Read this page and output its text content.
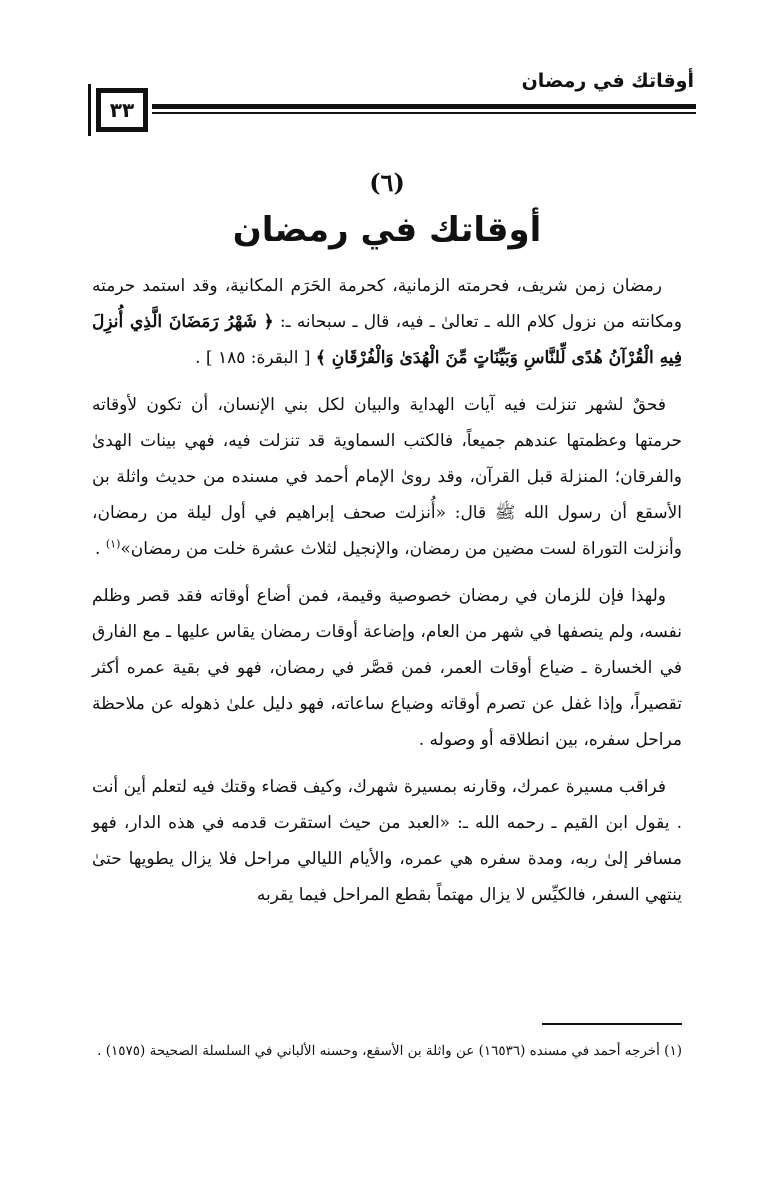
أوقاتك في رمضان
٣٣
(٦)
أوقاتك في رمضان

رمضان زمن شريف، فحرمته الزمانية، كحرمة الحَرَم المكانية، وقد استمد حرمته ومكانته من نزول كلام الله ـ تعالىٰ ـ فيه، قال ـ سبحانه ـ: ﴿ شَهْرُ رَمَضَانَ الَّذِي أُنزِلَ فِيهِ الْقُرْآنُ هُدًى لِّلنَّاسِ وَبَيِّنَاتٍ مِّنَ الْهُدَىٰ وَالْفُرْقَانِ ﴾ [ البقرة: ١٨٥ ] .

فحقٌ لشهر تنزلت فيه آيات الهداية والبيان لكل بني الإنسان، أن تكون لأوقاته حرمتها وعظمتها عندهم جميعاً، فالكتب السماوية قد تنزلت فيه، فهي بينات الهدىٰ والفرقان؛ المنزلة قبل القرآن، وقد روىٰ الإمام أحمد في مسنده من حديث واثلة بن الأسقع أن رسول الله ﷺ قال: «أُنزلت صحف إبراهيم في أول ليلة من رمضان، وأنزلت التوراة لست مضين من رمضان، والإنجيل لثلاث عشرة خلت من رمضان»$^{(١)}$ .

ولهذا فإن للزمان في رمضان خصوصية وقيمة، فمن أضاع أوقاته فقد قصر وظلم نفسه، ولم ينصفها في شهر من العام، وإضاعة أوقات رمضان يقاس عليها ـ مع الفارق في الخسارة ـ ضياع أوقات العمر، فمن قصَّر في رمضان، فهو في بقية عمره أكثر تقصيراً، وإذا غفل عن تصرم أوقاته وضياع ساعاته، فهو دليل علىٰ ذهوله عن ملاحظة مراحل سفره، بين انطلاقه أو وصوله .

فراقب مسيرة عمرك، وقارنه بمسيرة شهرك، وكيف قضاء وقتك فيه لتعلم أين أنت . يقول ابن القيم ـ رحمه الله ـ: «العبد من حيث استقرت قدمه في هذه الدار، فهو مسافر إلىٰ ربه، ومدة سفره هي عمره، والأيام الليالي مراحل فلا يزال يطويها حتىٰ ينتهي السفر، فالكيِّس لا يزال مهتماً بقطع المراحل فيما يقربه

(١) أخرجه أحمد في مسنده (١٦٥٣٦) عن واثلة بن الأسقع، وحسنه الألباني في السلسلة الصحيحة (١٥٧٥) .
